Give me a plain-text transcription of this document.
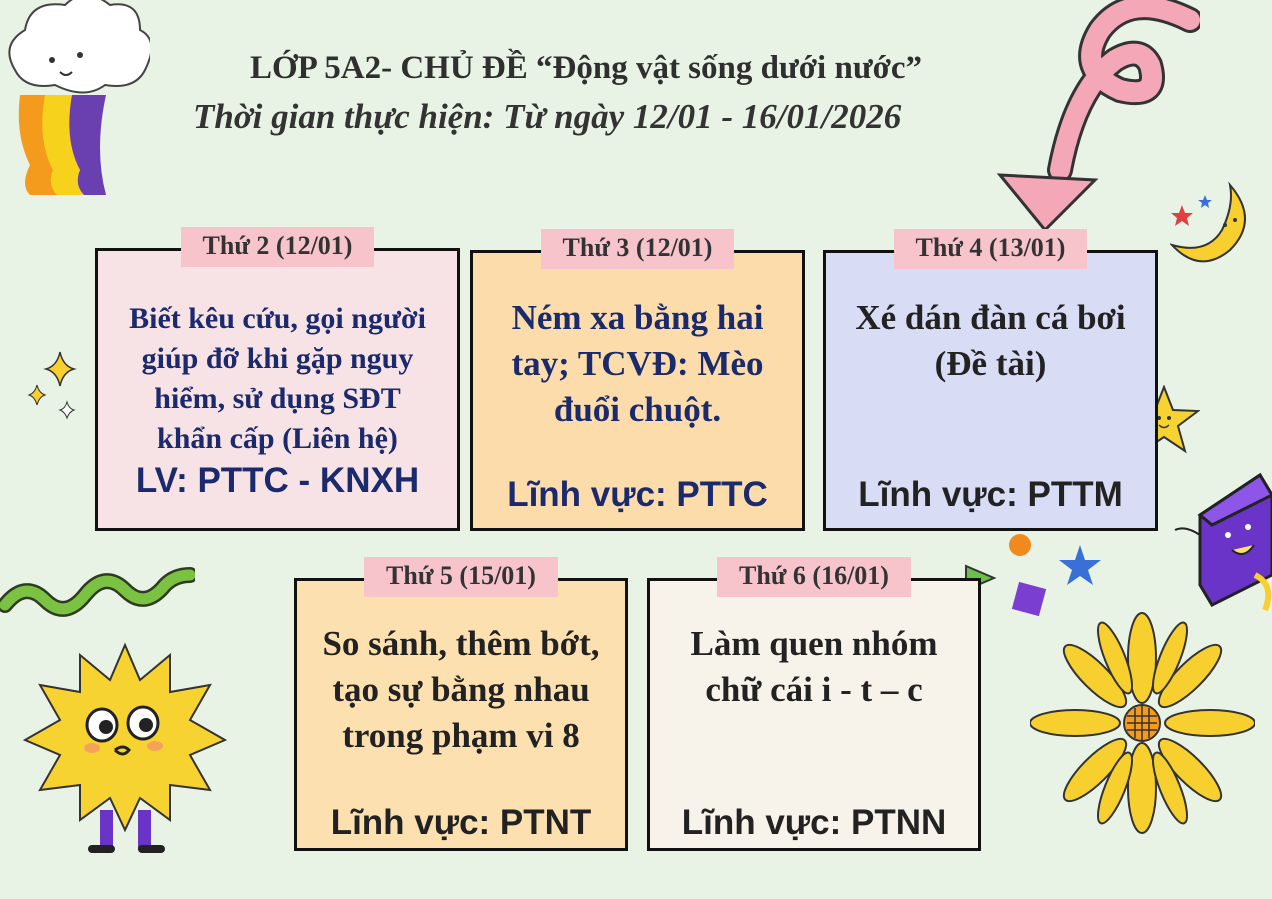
LỚP 5A2- CHỦ ĐỀ “Động vật sống dưới nước”
Thời gian thực hiện: Từ ngày 12/01 - 16/01/2026
Thứ 2 (12/01)
Biết kêu cứu, gọi người
giúp đỡ khi gặp nguy
hiểm, sử dụng SĐT
khẩn cấp (Liên hệ)
LV: PTTC - KNXH
Thứ 3 (12/01)
Ném xa bằng hai
tay; TCVĐ: Mèo
đuổi chuột.
Lĩnh vực: PTTC
Thứ 4 (13/01)
Xé dán đàn cá bơi
(Đề tài)
Lĩnh vực: PTTM
Thứ 5 (15/01)
So sánh, thêm bớt,
tạo sự bằng nhau
trong phạm vi 8
Lĩnh vực: PTNT
Thứ 6 (16/01)
Làm quen nhóm
chữ cái i - t – c
Lĩnh vực: PTNN
